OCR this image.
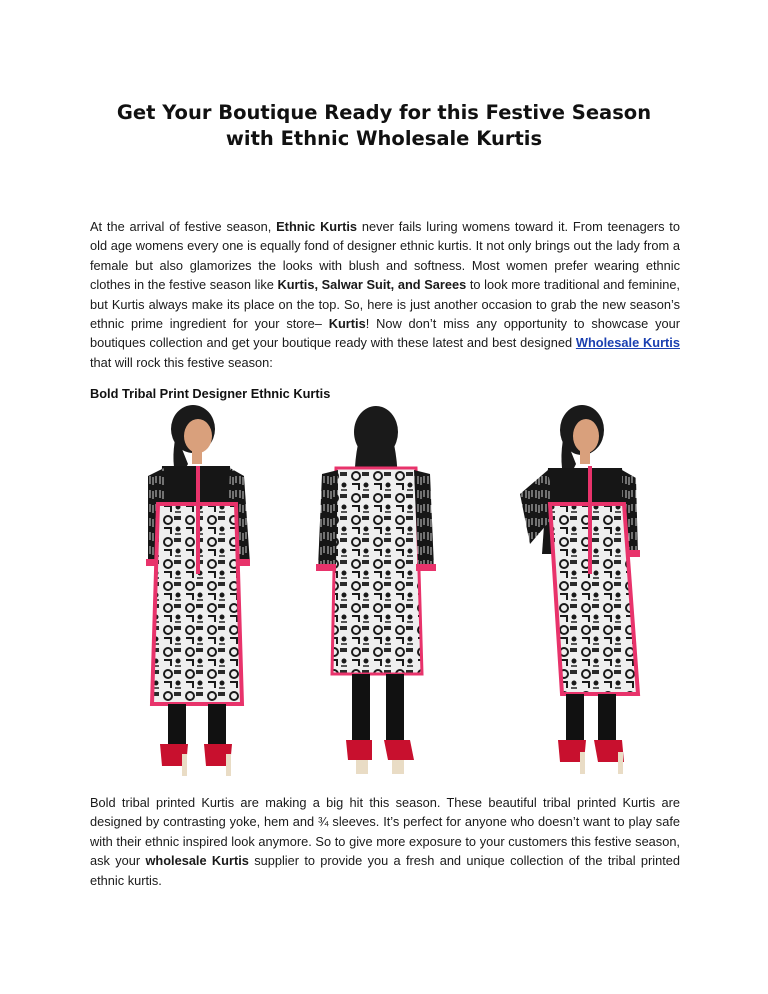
Get Your Boutique Ready for this Festive Season
with Ethnic Wholesale Kurtis

At the arrival of festive season, Ethnic Kurtis never fails luring womens toward it. From teenagers to old age womens every one is equally fond of designer ethnic kurtis. It not only brings out the lady from a female but also glamorizes the looks with blush and softness. Most women prefer wearing ethnic clothes in the festive season like Kurtis, Salwar Suit, and Sarees to look more traditional and feminine, but Kurtis always make its place on the top. So, here is just another occasion to grab the new season’s ethnic prime ingredient for your store– Kurtis! Now don’t miss any opportunity to showcase your boutiques collection and get your boutique ready with these latest and best designed Wholesale Kurtis that will rock this festive season:

Bold Tribal Print Designer Ethnic Kurtis

Bold tribal printed Kurtis are making a big hit this season. These beautiful tribal printed Kurtis are designed by contrasting yoke, hem and ¾ sleeves. It’s perfect for anyone who doesn’t want to play safe with their ethnic inspired look anymore. So to give more exposure to your customers this festive season, ask your wholesale Kurtis supplier to provide you a fresh and unique collection of the tribal printed ethnic kurtis.
